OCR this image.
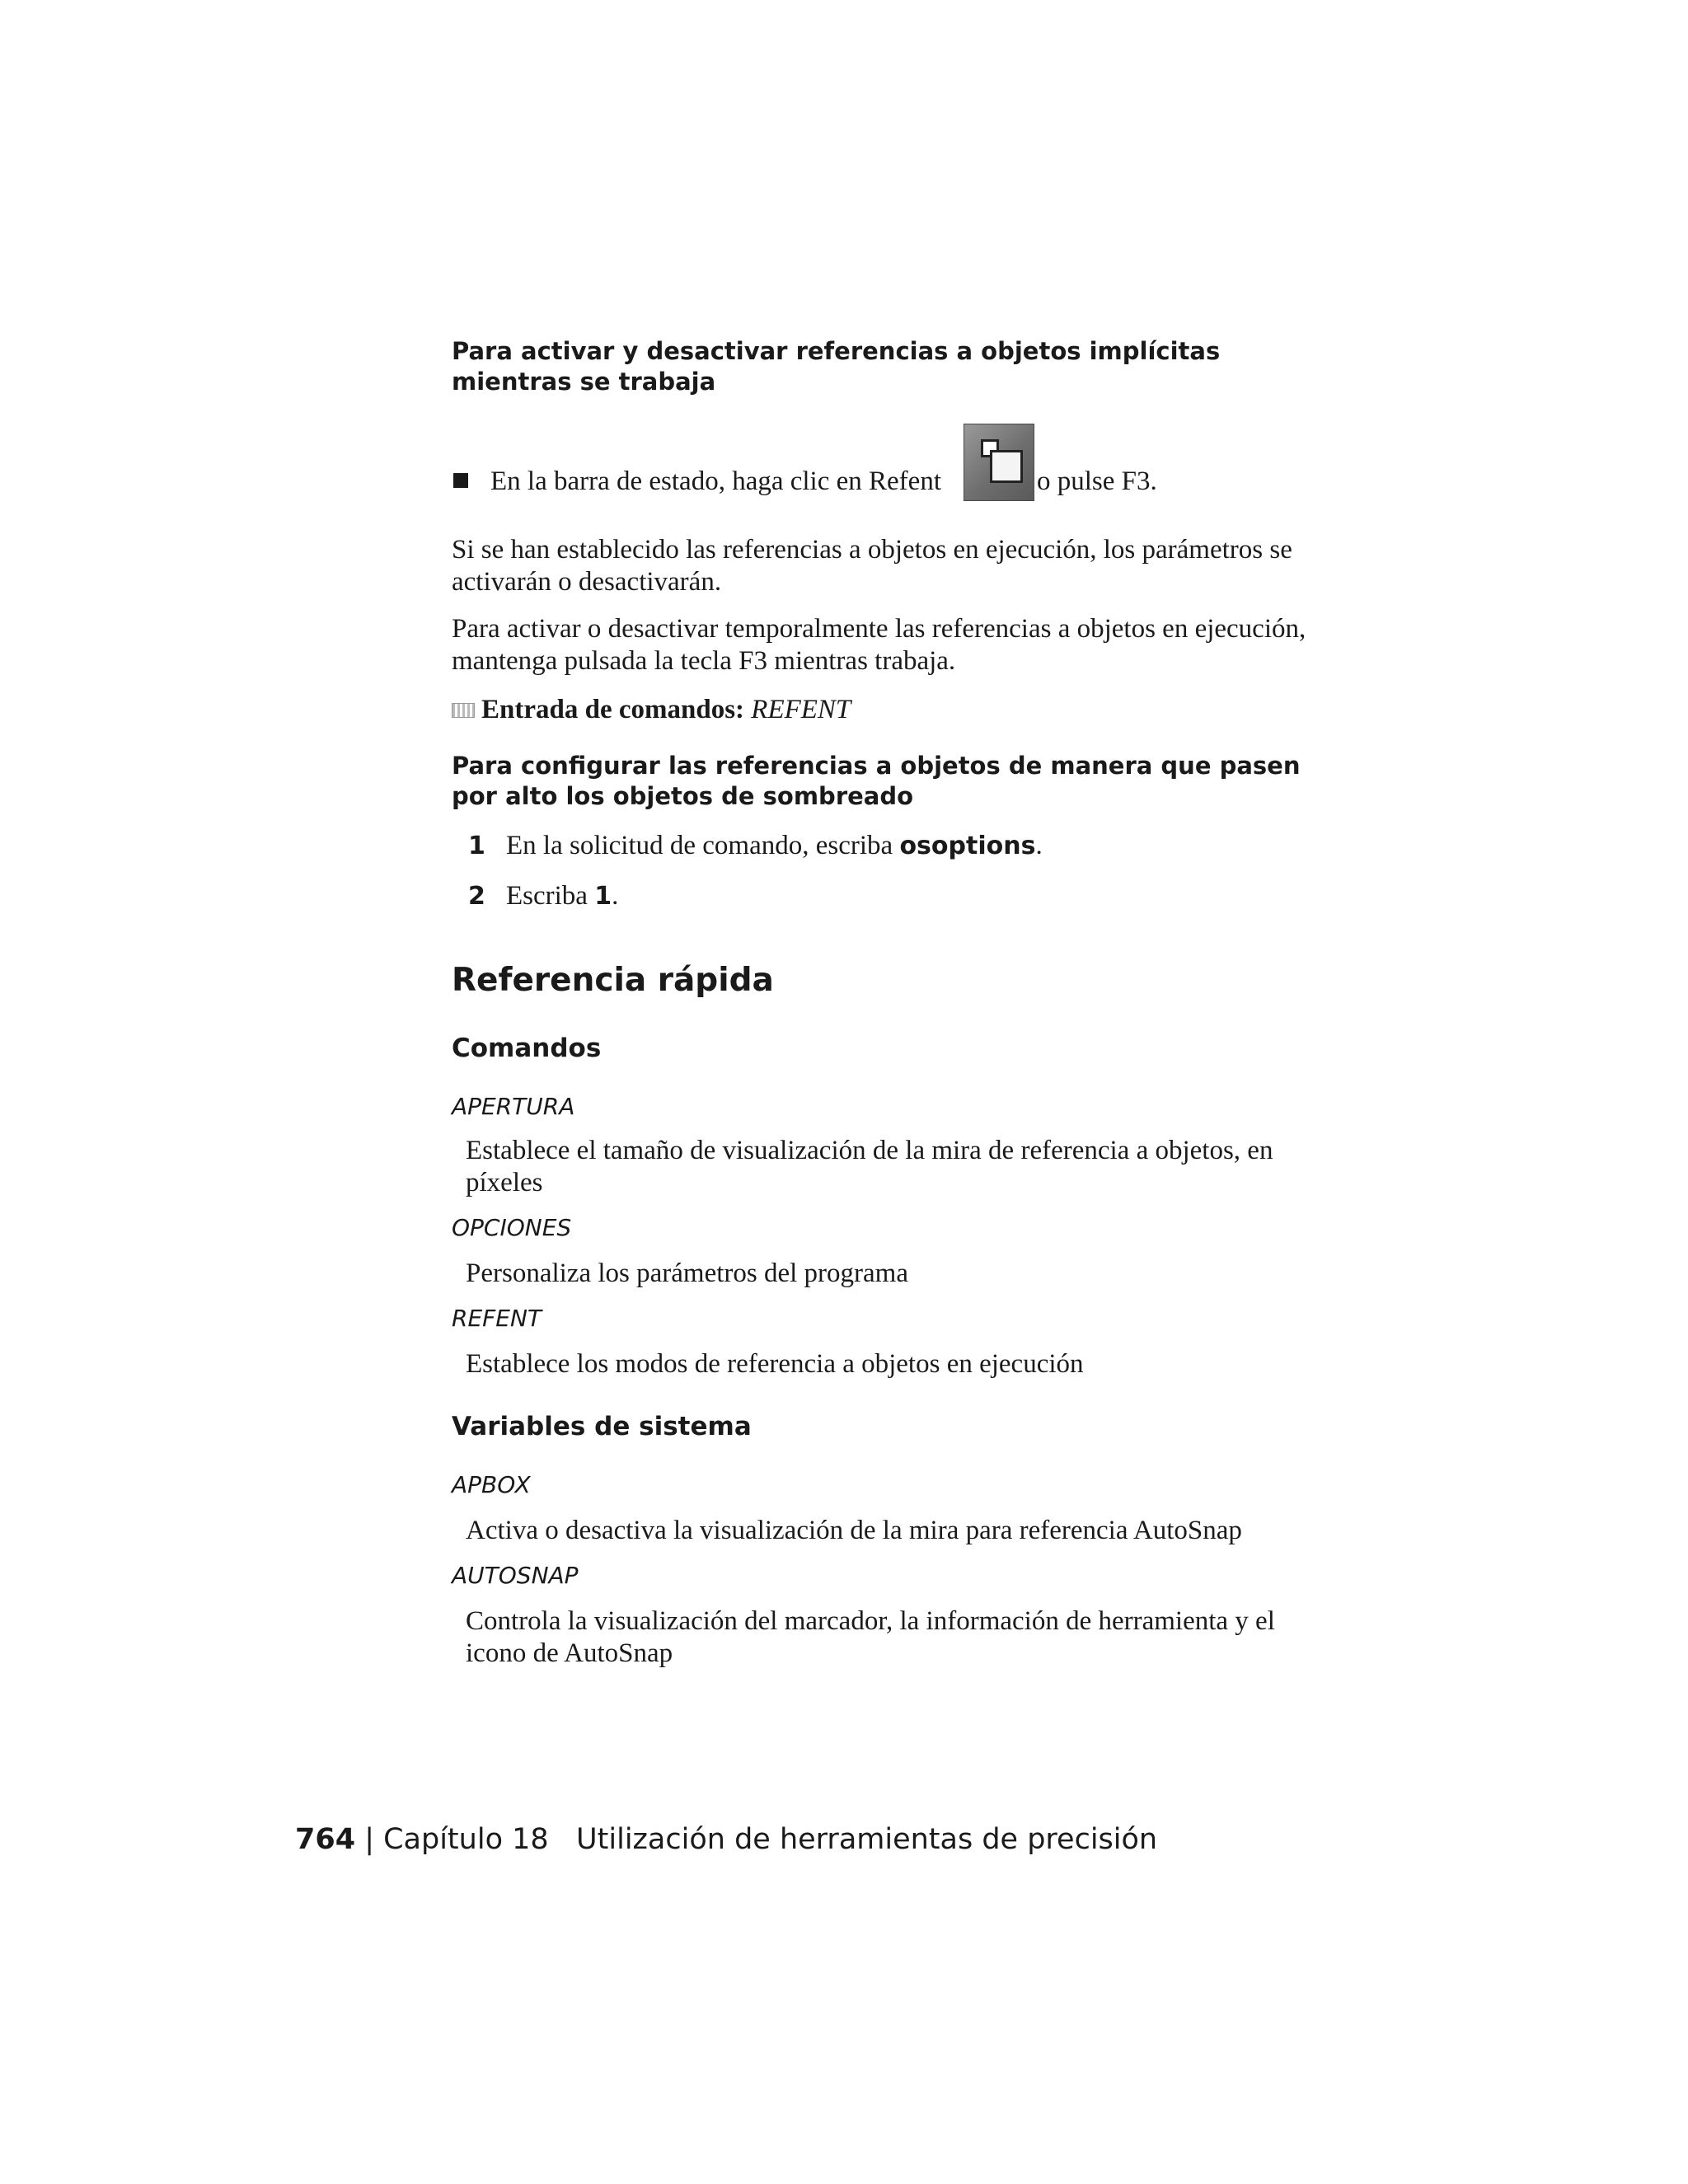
Para activar y desactivar referencias a objetos implícitas mientras se trabaja

En la barra de estado, haga clic en Refent	o pulse F3.

Si se han establecido las referencias a objetos en ejecución, los parámetros se activarán o desactivarán.

Para activar o desactivar temporalmente las referencias a objetos en ejecución, mantenga pulsada la tecla F3 mientras trabaja.

Entrada de comandos:
REFENT

Para configurar las referencias a objetos de manera que pasen por alto los objetos de sombreado

1 En la solicitud de comando, escriba osoptions.
2 Escriba 1.

Referencia rápida

Comandos

APERTURA

Establece el tamaño de visualización de la mira de referencia a objetos, en píxeles

OPCIONES

Personaliza los parámetros del programa

REFENT

Establece los modos de referencia a objetos en ejecución

Variables de sistema

APBOX

Activa o desactiva la visualización de la mira para referencia AutoSnap

AUTOSNAP

Controla la visualización del marcador, la información de herramienta y el icono de AutoSnap

764 | Capítulo 18 Utilización de herramientas de precisión
